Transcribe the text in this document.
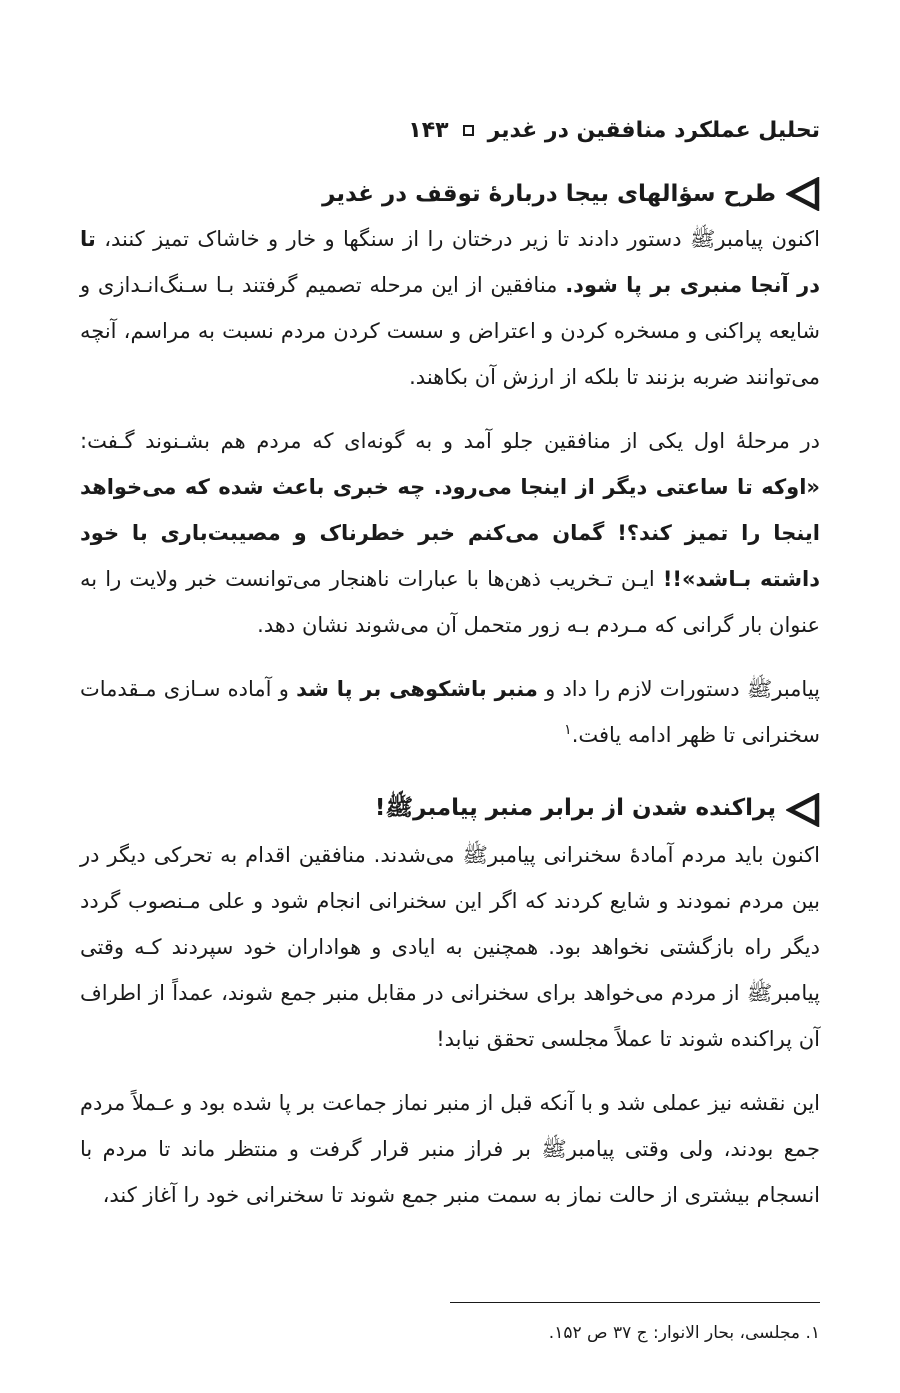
تحلیل عملکرد منافقین در غدیر
۱۴۳
طرح سؤالهای بیجا دربارۀ توقف در غدیر

اکنون پیامبرﷺ دستور دادند تا زیر درختان را از سنگها و خار و خاشاک تمیز کنند، تا در آنجا منبری بر پا شود. منافقین از این مرحله تصمیم گرفتند بـا سـنگ‌انـدازی و شایعه پراکنی و مسخره کردن و اعتراض و سست کردن مردم نسبت به مراسم، آنچه می‌توانند ضربه بزنند تا بلکه از ارزش آن بکاهند.

در مرحلۀ اول یکی از منافقین جلو آمد و به گونه‌ای که مردم هم بشـنوند گـفت: «اوکه تا ساعتی دیگر از اینجا می‌رود. چه خبری باعث شده که می‌خواهد اینجا را تمیز کند؟! گمان می‌کنم خبر خطرناک و مصیبت‌باری با خود داشته بـاشد»!! ایـن تـخریب ذهن‌ها با عبارات ناهنجار می‌توانست خبر ولایت را به عنوان بار گرانی که مـردم بـه زور متحمل آن می‌شوند نشان دهد.

پیامبرﷺ دستورات لازم را داد و منبر باشکوهی بر پا شد و آماده سـازی مـقدمات سخنرانی تا ظهر ادامه یافت.$^۱$

پراکنده شدن از برابر منبر پیامبرﷺ!

اکنون باید مردم آمادۀ سخنرانی پیامبرﷺ می‌شدند. منافقین اقدام به تحرکی دیگر در بین مردم نمودند و شایع کردند که اگر این سخنرانی انجام شود و علی مـنصوب گردد دیگر راه بازگشتی نخواهد بود. همچنین به ایادی و هواداران خود سپردند کـه وقتی پیامبرﷺ از مردم می‌خواهد برای سخنرانی در مقابل منبر جمع شوند، عمداً از اطراف آن پراکنده شوند تا عملاً مجلسی تحقق نیابد!

این نقشه نیز عملی شد و با آنکه قبل از منبر نماز جماعت بر پا شده بود و عـملاً مردم جمع بودند، ولی وقتی پیامبرﷺ بر فراز منبر قرار گرفت و منتظر ماند تا مردم با انسجام بیشتری از حالت نماز به سمت منبر جمع شوند تا سخنرانی خود را آغاز کند،

۱. مجلسی، بحار الانوار: ج ۳۷ ص ۱۵۲.
